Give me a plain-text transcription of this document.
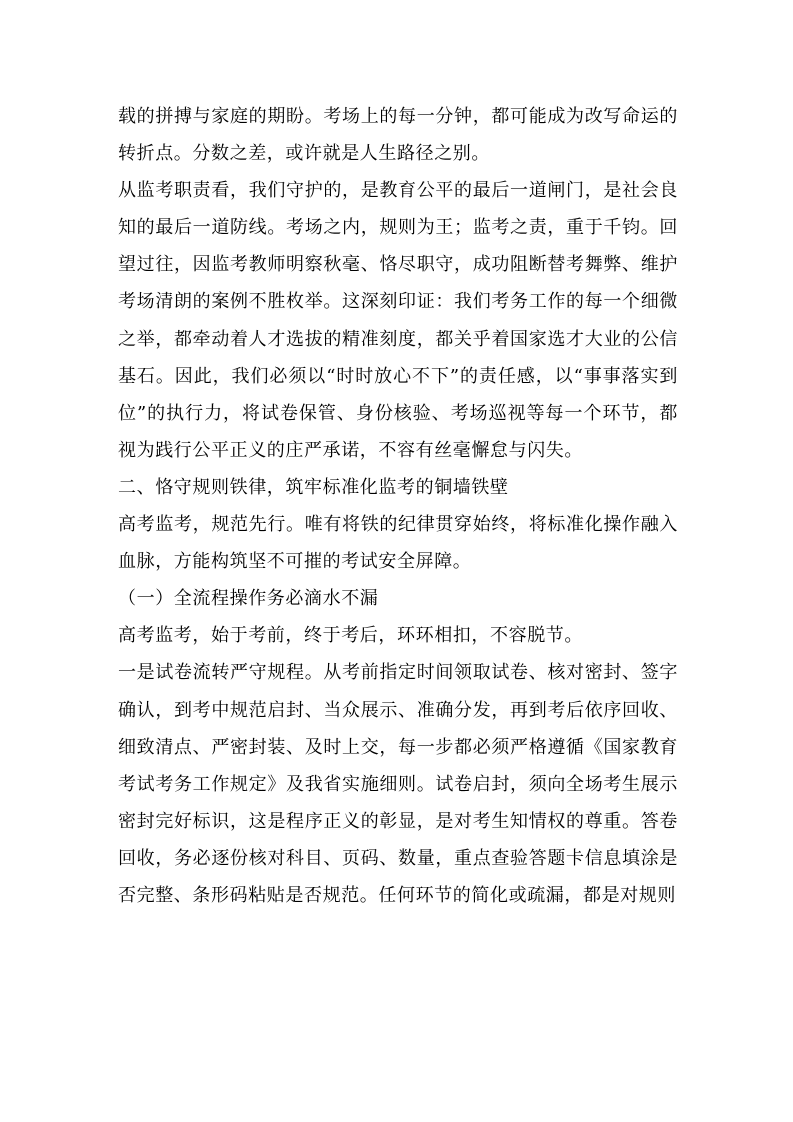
载的拼搏与家庭的期盼。考场上的每一分钟，都可能成为改写命运的转折点。分数之差，或许就是人生路径之别。

从监考职责看，我们守护的，是教育公平的最后一道闸门，是社会良知的最后一道防线。考场之内，规则为王；监考之责，重于千钧。回望过往，因监考教师明察秋毫、恪尽职守，成功阻断替考舞弊、维护考场清朗的案例不胜枚举。这深刻印证：我们考务工作的每一个细微之举，都牵动着人才选拔的精准刻度，都关乎着国家选才大业的公信基石。因此，我们必须以“时时放心不下”的责任感，以“事事落实到位”的执行力，将试卷保管、身份核验、考场巡视等每一个环节，都视为践行公平正义的庄严承诺，不容有丝毫懈怠与闪失。

二、恪守规则铁律，筑牢标准化监考的铜墙铁壁

高考监考，规范先行。唯有将铁的纪律贯穿始终，将标准化操作融入血脉，方能构筑坚不可摧的考试安全屏障。

（一）全流程操作务必滴水不漏

高考监考，始于考前，终于考后，环环相扣，不容脱节。

一是试卷流转严守规程。从考前指定时间领取试卷、核对密封、签字确认，到考中规范启封、当众展示、准确分发，再到考后依序回收、细致清点、严密封装、及时上交，每一步都必须严格遵循《国家教育考试考务工作规定》及我省实施细则。试卷启封，须向全场考生展示密封完好标识，这是程序正义的彰显，是对考生知情权的尊重。答卷回收，务必逐份核对科目、页码、数量，重点查验答题卡信息填涂是否完整、条形码粘贴是否规范。任何环节的简化或疏漏，都是对规则
